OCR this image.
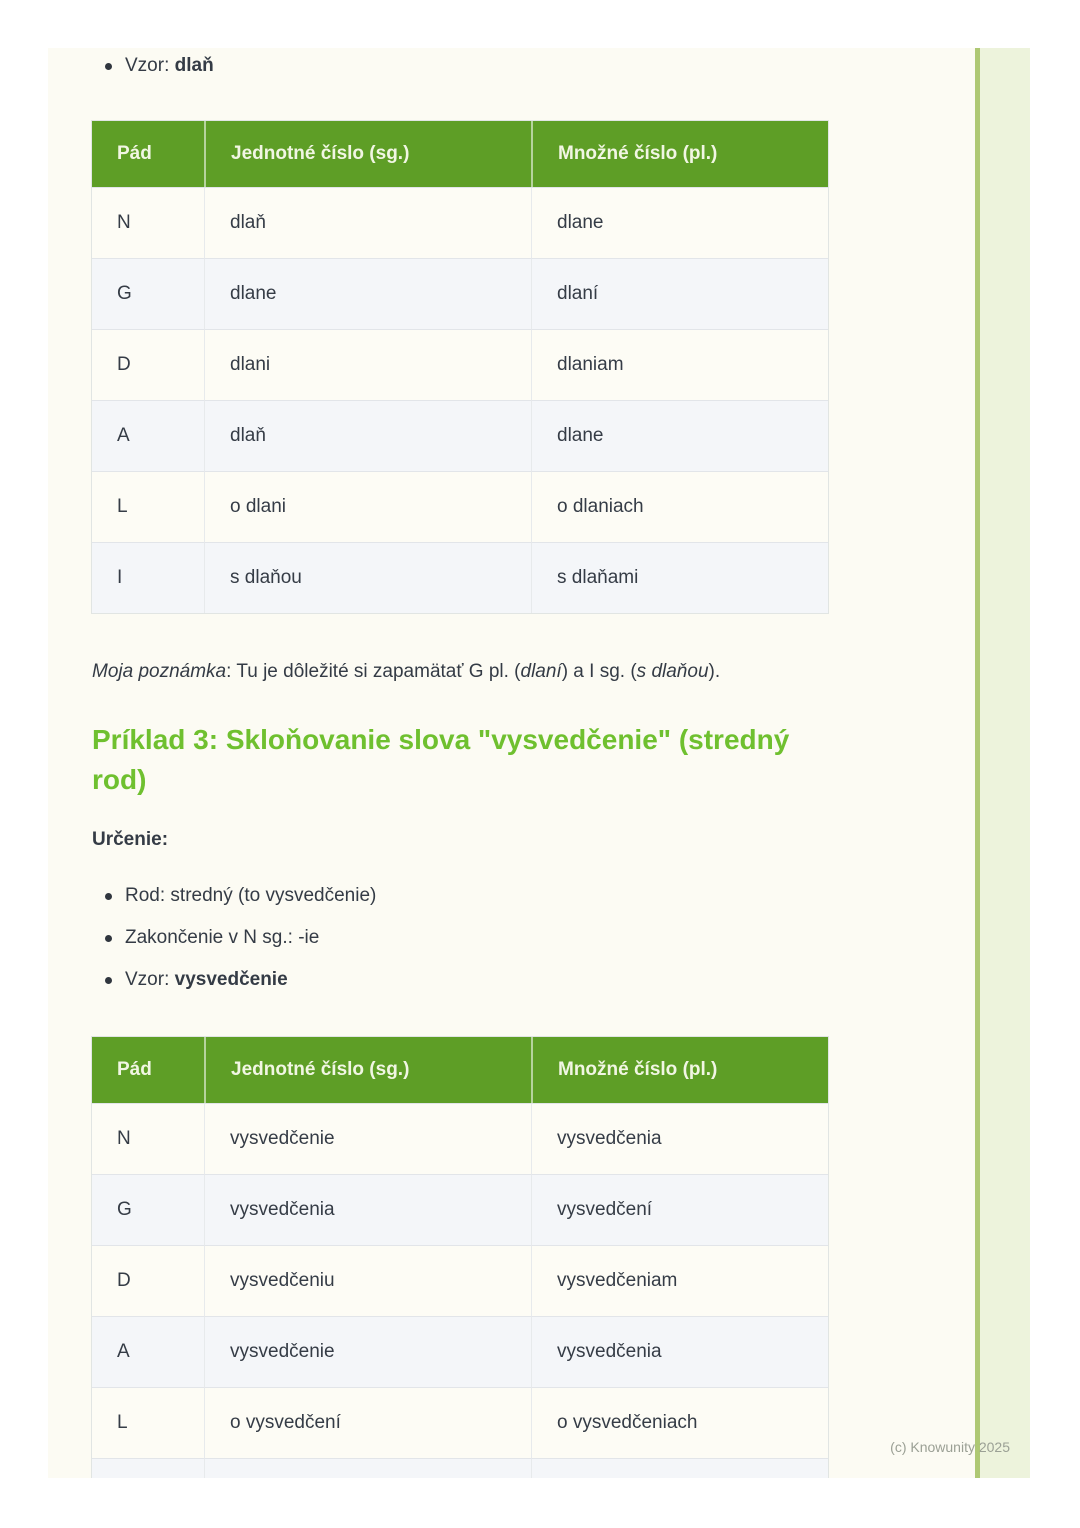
Vzor: dlaň
Pád	Jednotné číslo (sg.)	Množné číslo (pl.)
N	dlaň	dlane
G	dlane	dlaní
D	dlani	dlaniam
A	dlaň	dlane
L	o dlani	o dlaniach
I	s dlaňou	s dlaňami

Moja poznámka: Tu je dôležité si zapamätať G pl. (dlaní) a I sg. (s dlaňou).

Príklad 3: Skloňovanie slova "vysvedčenie" (stredný rod)

Určenie:

Rod: stredný (to vysvedčenie)
Zakončenie v N sg.: -ie
Vzor: vysvedčenie
Pád	Jednotné číslo (sg.)	Množné číslo (pl.)
N	vysvedčenie	vysvedčenia
G	vysvedčenia	vysvedčení
D	vysvedčeniu	vysvedčeniam
A	vysvedčenie	vysvedčenia
L	o vysvedčení	o vysvedčeniach

(c) Knowunity 2025
